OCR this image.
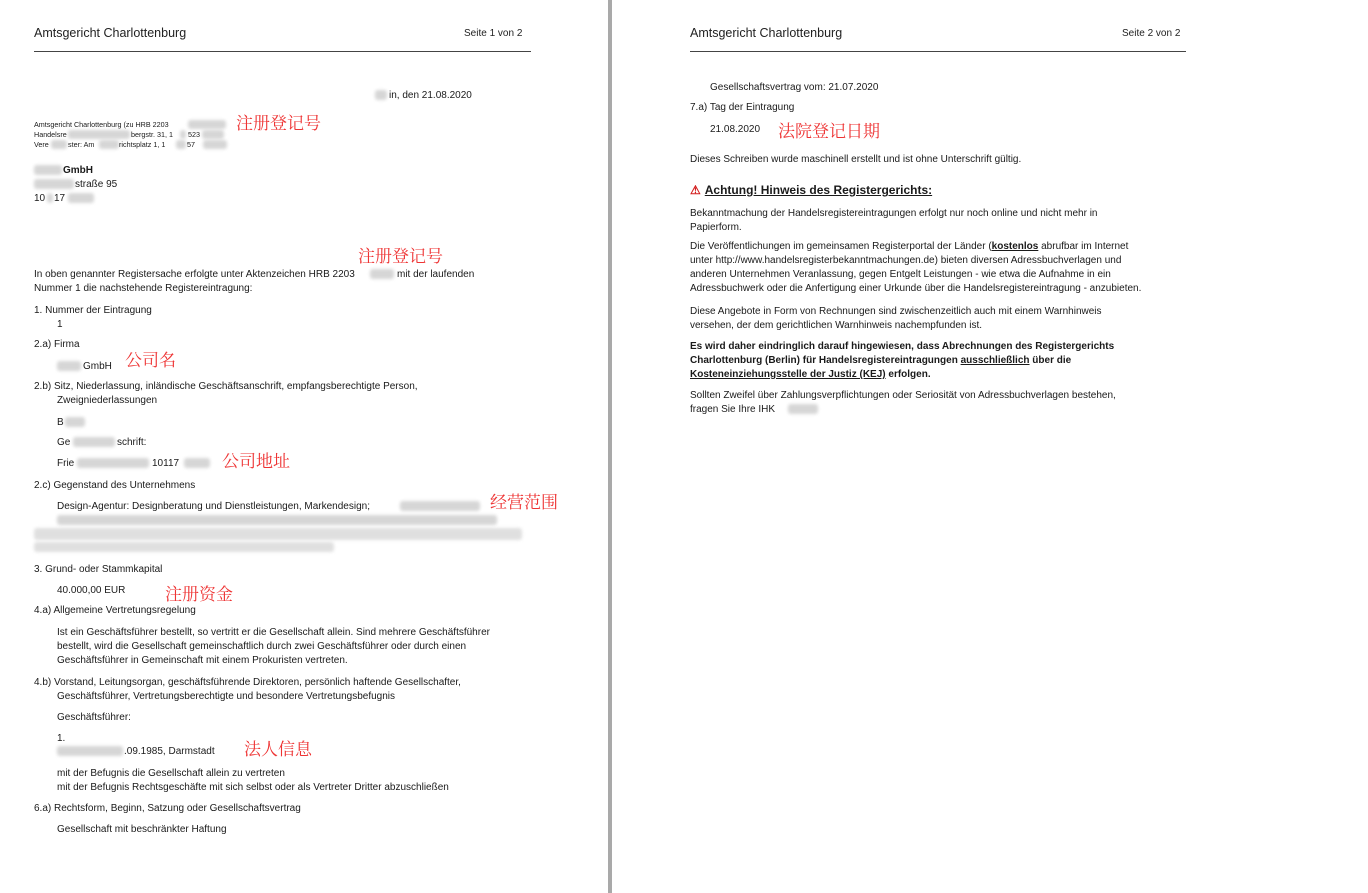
Amtsgericht Charlottenburg	Seite 1 von 2
in, den 21.08.2020
Amtsgericht Charlottenburg (zu HRB 2203
Handelsre	bergstr. 31, 1 523
Vere	ster: Am	richtsplatz 1, 1	57
注册登记号
GmbH
straße 95
10 17
注册登记号
In oben genannter Registersache erfolgte unter Aktenzeichen HRB 2203	mit der laufenden
Nummer 1 die nachstehende Registereintragung:
1. Nummer der Eintragung
1
2.a) Firma
GmbH 公司名
2.b) Sitz, Niederlassung, inländische Geschäftsanschrift, empfangsberechtigte Person,
Zweigniederlassungen
B
Ge	schrift:
Frie	10117	公司地址
2.c) Gegenstand des Unternehmens
Design-Agentur: Designberatung und Dienstleistungen, Markendesign;	经营范围
3. Grund- oder Stammkapital
40.000,00 EUR 注册资金
4.a) Allgemeine Vertretungsregelung
Ist ein Geschäftsführer bestellt, so vertritt er die Gesellschaft allein. Sind mehrere Geschäftsführer
bestellt, wird die Gesellschaft gemeinschaftlich durch zwei Geschäftsführer oder durch einen
Geschäftsführer in Gemeinschaft mit einem Prokuristen vertreten.
4.b) Vorstand, Leitungsorgan, geschäftsführende Direktoren, persönlich haftende Gesellschafter,
Geschäftsführer, Vertretungsberechtigte und besondere Vertretungsbefugnis
Geschäftsführer:
1.
.09.1985, Darmstadt 法人信息
mit der Befugnis die Gesellschaft allein zu vertreten
mit der Befugnis Rechtsgeschäfte mit sich selbst oder als Vertreter Dritter abzuschließen
6.a) Rechtsform, Beginn, Satzung oder Gesellschaftsvertrag
Gesellschaft mit beschränkter Haftung
Amtsgericht Charlottenburg	Seite 2 von 2
Gesellschaftsvertrag vom: 21.07.2020
7.a) Tag der Eintragung
21.08.2020 法院登记日期
Dieses Schreiben wurde maschinell erstellt und ist ohne Unterschrift gültig.
⚠ Achtung! Hinweis des Registergerichts:
Bekanntmachung der Handelsregistereintragungen erfolgt nur noch online und nicht mehr in
Papierform.
Die Veröffentlichungen im gemeinsamen Registerportal der Länder (kostenlos abrufbar im Internet
unter http://www.handelsregisterbekanntmachungen.de) bieten diversen Adressbuchverlagen und
anderen Unternehmen Veranlassung, gegen Entgelt Leistungen - wie etwa die Aufnahme in ein
Adressbuchwerk oder die Anfertigung einer Urkunde über die Handelsregistereintragung - anzubieten.
Diese Angebote in Form von Rechnungen sind zwischenzeitlich auch mit einem Warnhinweis
versehen, der dem gerichtlichen Warnhinweis nachempfunden ist.
Es wird daher eindringlich darauf hingewiesen, dass Abrechnungen des Registergerichts
Charlottenburg (Berlin) für Handelsregistereintragungen ausschließlich über die
Kosteneinziehungsstelle der Justiz (KEJ) erfolgen.
Sollten Zweifel über Zahlungsverpflichtungen oder Seriosität von Adressbuchverlagen bestehen,
fragen Sie Ihre IHK
